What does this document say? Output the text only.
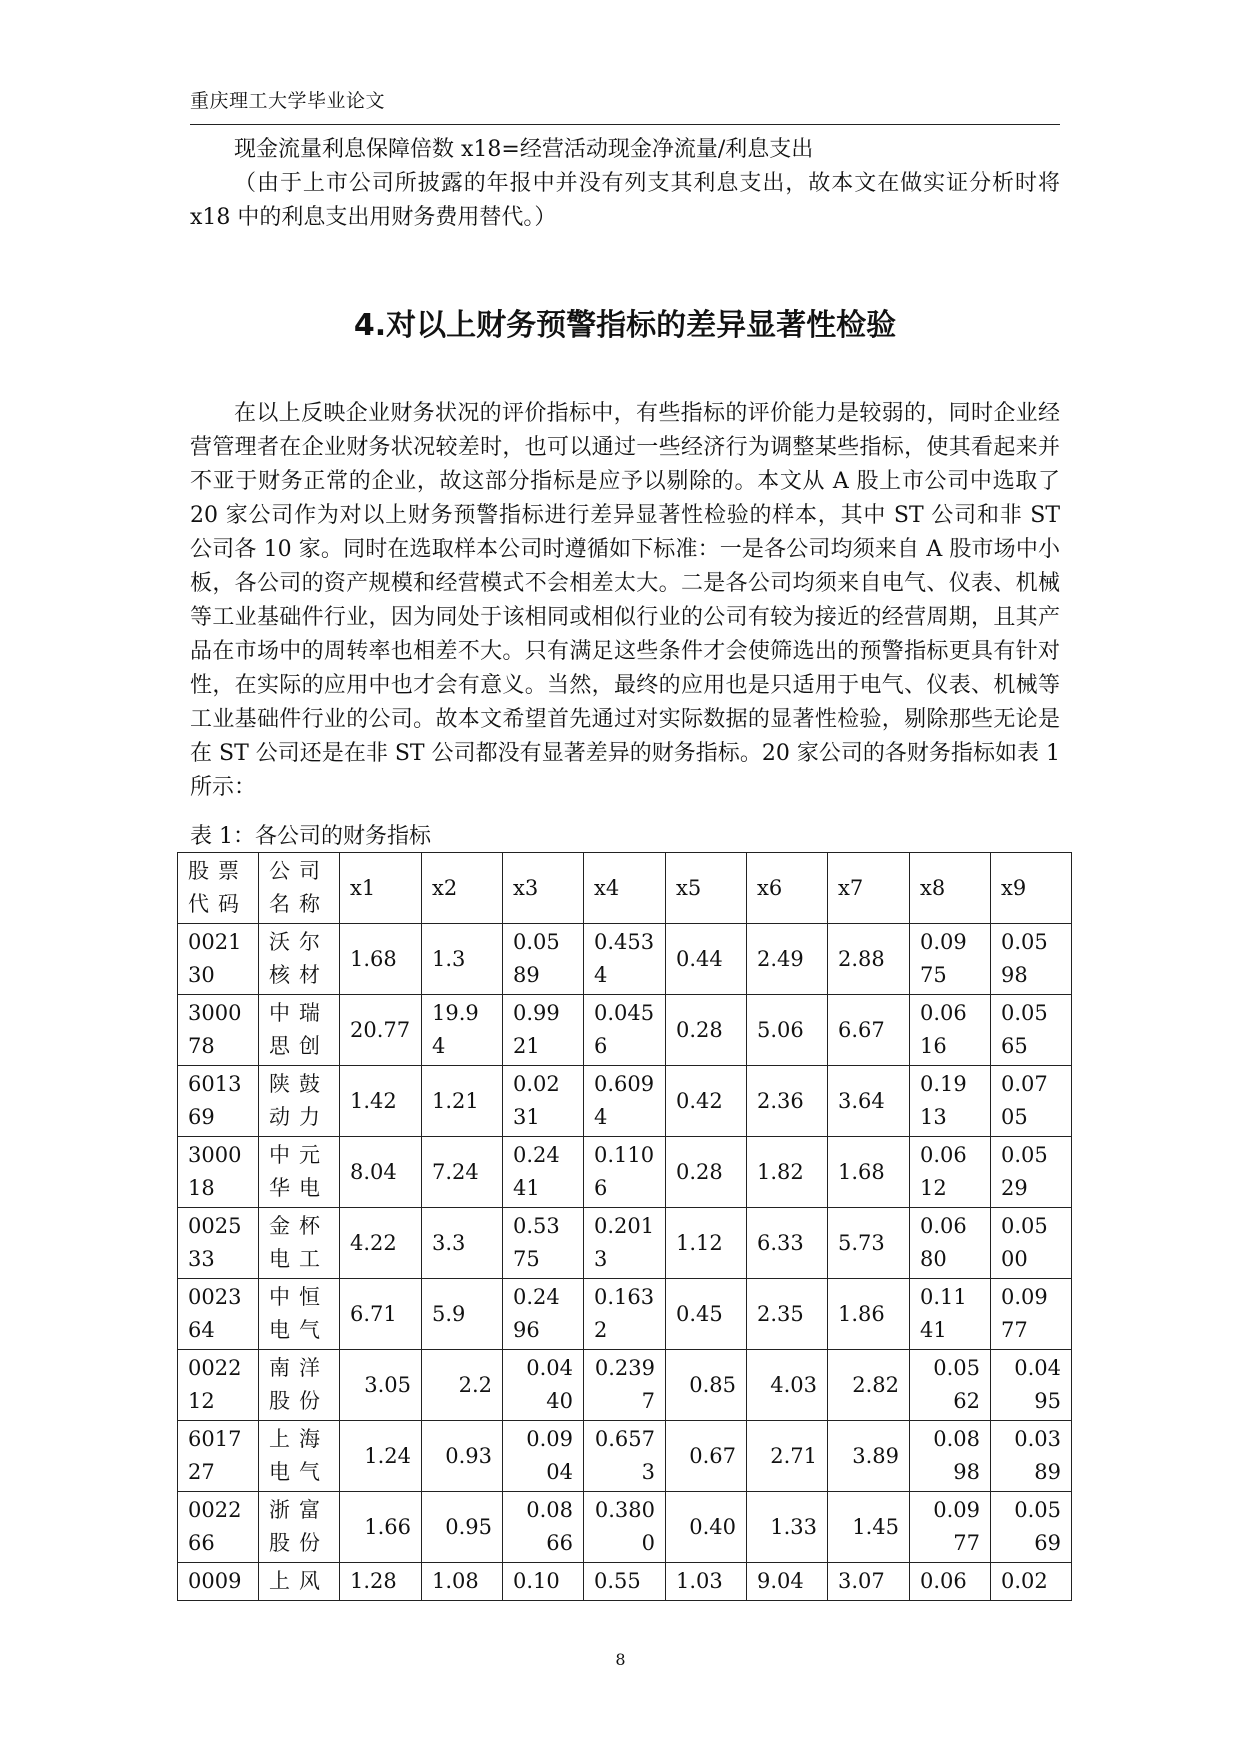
重庆理工大学毕业论文
现金流量利息保障倍数 x18=经营活动现金净流量/利息支出
（由于上市公司所披露的年报中并没有列支其利息支出，故本文在做实证分析时将 x18 中的利息支出用财务费用替代。）
4.对以上财务预警指标的差异显著性检验
在以上反映企业财务状况的评价指标中，有些指标的评价能力是较弱的，同时企业经营管理者在企业财务状况较差时，也可以通过一些经济行为调整某些指标，使其看起来并不亚于财务正常的企业，故这部分指标是应予以剔除的。本文从 A 股上市公司中选取了 20 家公司作为对以上财务预警指标进行差异显著性检验的样本，其中 ST 公司和非 ST 公司各 10 家。同时在选取样本公司时遵循如下标准：一是各公司均须来自 A 股市场中小板，各公司的资产规模和经营模式不会相差太大。二是各公司均须来自电气、仪表、机械等工业基础件行业，因为同处于该相同或相似行业的公司有较为接近的经营周期，且其产品在市场中的周转率也相差不大。只有满足这些条件才会使筛选出的预警指标更具有针对性，在实际的应用中也才会有意义。当然，最终的应用也是只适用于电气、仪表、机械等工业基础件行业的公司。故本文希望首先通过对实际数据的显著性检验，剔除那些无论是在 ST 公司还是在非 ST 公司都没有显著差异的财务指标。20 家公司的各财务指标如表 1 所示：
表 1：各公司的财务指标
股票代码	公司名称	x1	x2	x3	x4	x5	x6	x7	x8	x9
002130	沃尔核材	1.68	1.3	0.0589	0.4534	0.44	2.49	2.88	0.0975	0.0598
300078	中瑞思创	20.77	19.94	0.9921	0.0456	0.28	5.06	6.67	0.0616	0.0565
601369	陕鼓动力	1.42	1.21	0.0231	0.6094	0.42	2.36	3.64	0.1913	0.0705
300018	中元华电	8.04	7.24	0.2441	0.1106	0.28	1.82	1.68	0.0612	0.0529
002533	金杯电工	4.22	3.3	0.5375	0.2013	1.12	6.33	5.73	0.0680	0.0500
002364	中恒电气	6.71	5.9	0.2496	0.1632	0.45	2.35	1.86	0.1141	0.0977
002212	南洋股份	3.05	2.2	0.0440	0.2397	0.85	4.03	2.82	0.0562	0.0495
601727	上海电气	1.24	0.93	0.0904	0.6573	0.67	2.71	3.89	0.0898	0.0389
002266	浙富股份	1.66	0.95	0.0866	0.3800	0.40	1.33	1.45	0.0977	0.0569
0009	上风	1.28	1.08	0.10	0.55	1.03	9.04	3.07	0.06	0.02
8
